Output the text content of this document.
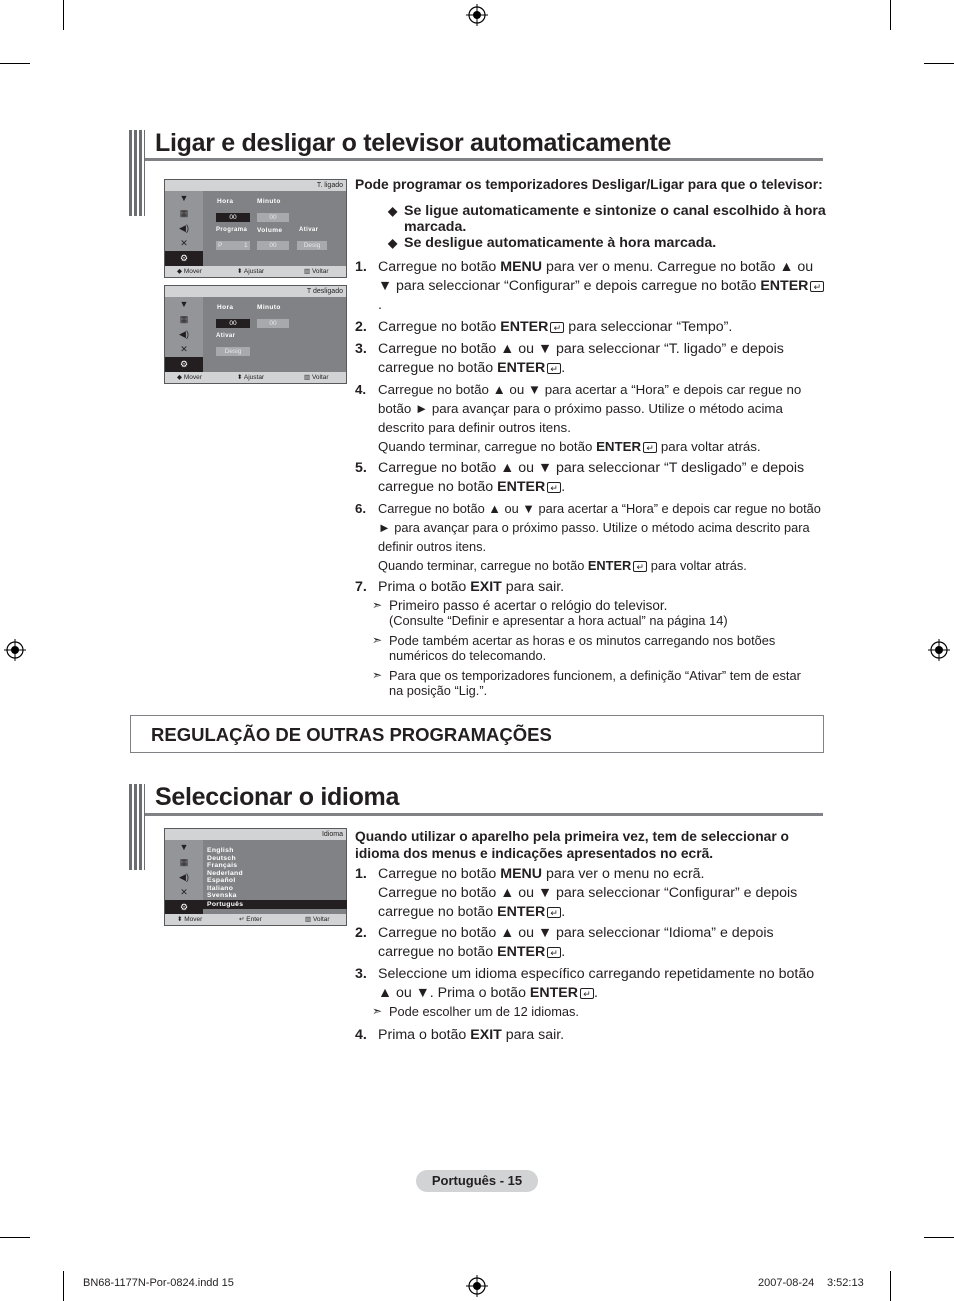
Ligar e desligar o televisor automaticamente
T. ligado
▼
▦
◀)
✕
⚙
Hora	Minuto
00	00
Programa Volume	Ativar
P	1	00	Desig
◆ Mover	⬍ Ajustar	▥ Voltar
T desligado
▼
▦
◀)
✕
⚙
Hora	Minuto
00	00
Ativar
Desig
◆ Mover	⬍ Ajustar	▥ Voltar
Pode programar os temporizadores Desligar/Ligar para que o televisor:
◆ Se ligue automaticamente e sintonize o canal escolhido à hora marcada.
◆ Se desligue automaticamente à hora marcada.
1. Carregue no botão MENU para ver o menu. Carregue no botão ▲ ou ▼ para seleccionar “Configurar” e depois carregue no botão ENTER ↵.
2. Carregue no botão ENTER ↵ para seleccionar “Tempo”.
3. Carregue no botão ▲ ou ▼ para seleccionar “T. ligado” e depois carregue no botão ENTER ↵ .
4. Carregue no botão ▲ ou ▼ para acertar a “Hora” e depois car regue no botão ► para avançar para o próximo passo. Utilize o método acima descrito para definir outros itens.
Quando terminar, carregue no botão ENTER ↵ para voltar atrás.
5. Carregue no botão ▲ ou ▼ para seleccionar “T desligado” e depois carregue no botão ENTER ↵ .
6. Carregue no botão ▲ ou ▼ para acertar a “Hora” e depois car regue no botão ► para avançar para o próximo passo. Utilize o método acima descrito para definir outros itens.
Quando terminar, carregue no botão ENTER ↵ para voltar atrás.
7. Prima o botão EXIT para sair.
➣ Primeiro passo é acertar o relógio do televisor.
(Consulte “Definir e apresentar a hora actual” na página 14)
➣ Pode também acertar as horas e os minutos carregando nos botões
numéricos do telecomando.
➣ Para que os temporizadores funcionem, a definição “Ativar” tem de estar
na posição “Lig.”.
REGULAÇÃO DE OUTRAS PROGRAMAÇÕES
Seleccionar o idioma
Idioma
▼
▦
◀)
✕
⚙
English
Deutsch
Français
Nederland
Español
Italiano
Svenska
Português
⬍ Mover	↵ Enter	▥ Voltar
Quando utilizar o aparelho pela primeira vez, tem de seleccionar o idioma dos menus e indicações apresentados no ecrã.
1. Carregue no botão MENU para ver o menu no ecrã.
Carregue no botão ▲ ou ▼ para seleccionar “Configurar” e depois carregue no botão ENTER ↵ .
2. Carregue no botão ▲ ou ▼ para seleccionar “Idioma” e depois carregue no botão ENTER ↵ .
3. Seleccione um idioma específico carregando repetidamente no botão ▲ ou ▼. Prima o botão ENTER ↵ .
➣ Pode escolher um de 12 idiomas.
4. Prima o botão EXIT para sair.
Português - 15
BN68-1177N-Por-0824.indd 15	2007-08-24 3:52:13
